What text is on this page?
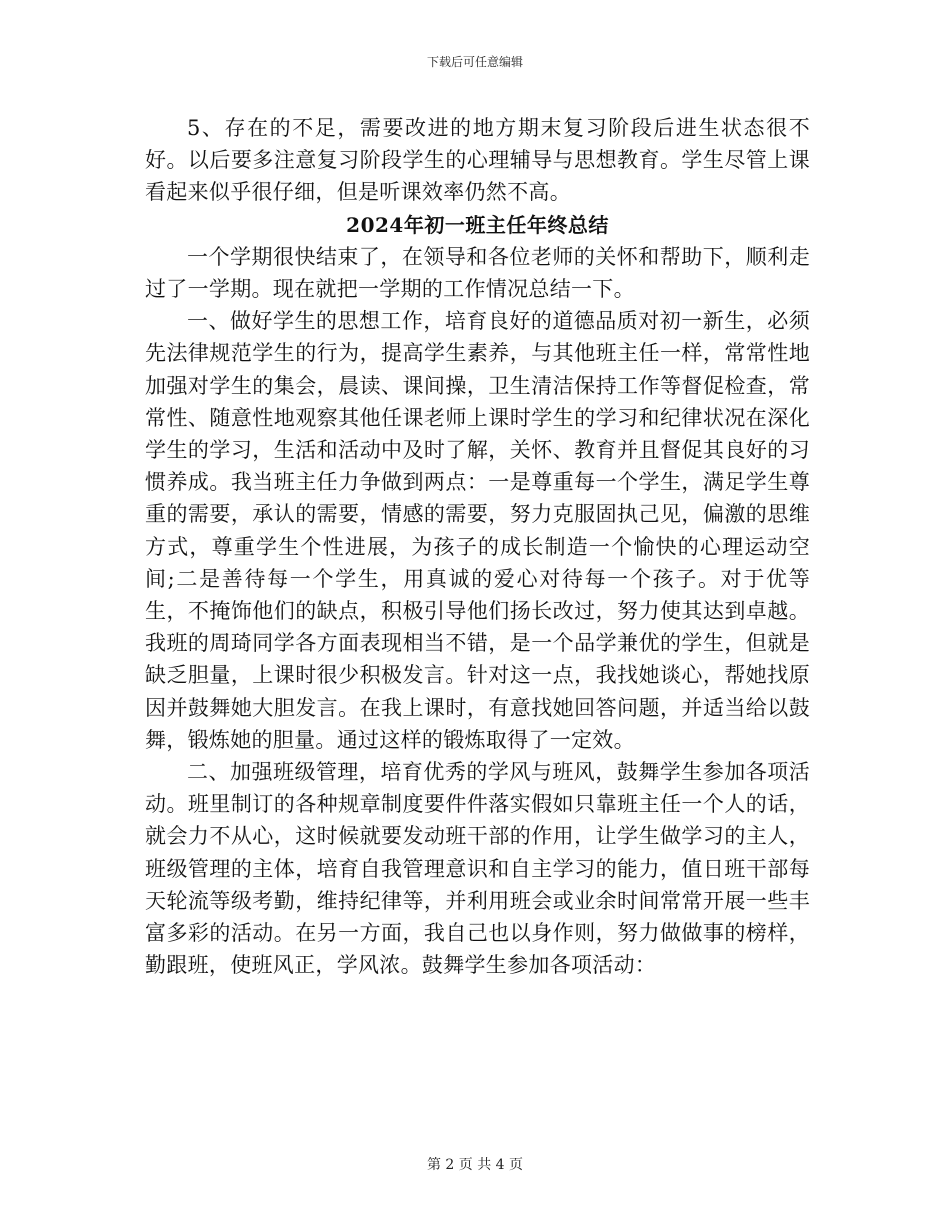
下载后可任意编辑

5、存在的不足，需要改进的地方期末复习阶段后进生状态很不好。以后要多注意复习阶段学生的心理辅导与思想教育。学生尽管上课看起来似乎很仔细，但是听课效率仍然不高。

2024年初一班主任年终总结

一个学期很快结束了，在领导和各位老师的关怀和帮助下，顺利走过了一学期。现在就把一学期的工作情况总结一下。

一、做好学生的思想工作，培育良好的道德品质对初一新生，必须先法律规范学生的行为，提高学生素养，与其他班主任一样，常常性地加强对学生的集会，晨读、课间操，卫生清洁保持工作等督促检查，常常性、随意性地观察其他任课老师上课时学生的学习和纪律状况在深化学生的学习，生活和活动中及时了解，关怀、教育并且督促其良好的习惯养成。我当班主任力争做到两点：一是尊重每一个学生，满足学生尊重的需要，承认的需要，情感的需要，努力克服固执己见，偏激的思维方式，尊重学生个性进展，为孩子的成长制造一个愉快的心理运动空间;二是善待每一个学生，用真诚的爱心对待每一个孩子。对于优等生，不掩饰他们的缺点，积极引导他们扬长改过，努力使其达到卓越。我班的周琦同学各方面表现相当不错，是一个品学兼优的学生，但就是缺乏胆量，上课时很少积极发言。针对这一点，我找她谈心，帮她找原因并鼓舞她大胆发言。在我上课时，有意找她回答问题，并适当给以鼓舞，锻炼她的胆量。通过这样的锻炼取得了一定效。

二、加强班级管理，培育优秀的学风与班风，鼓舞学生参加各项活动。班里制订的各种规章制度要件件落实假如只靠班主任一个人的话，就会力不从心，这时候就要发动班干部的作用，让学生做学习的主人，班级管理的主体，培育自我管理意识和自主学习的能力，值日班干部每天轮流等级考勤，维持纪律等，并利用班会或业余时间常常开展一些丰富多彩的活动。在另一方面，我自己也以身作则，努力做做事的榜样，勤跟班，使班风正，学风浓。鼓舞学生参加各项活动：

第 2 页 共 4 页
